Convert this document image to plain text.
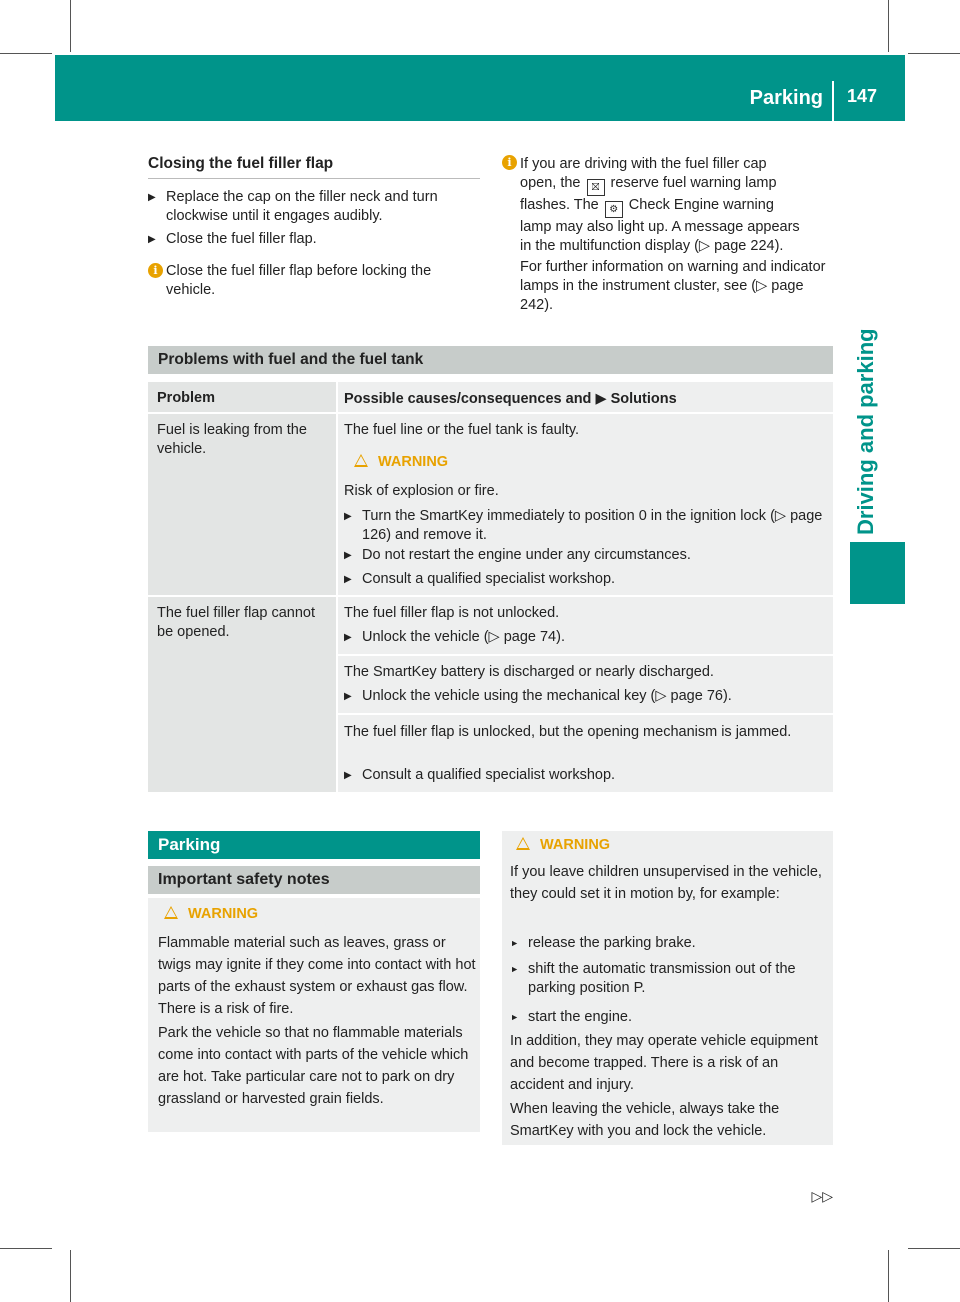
Parking 147
Driving and parking
Closing the fuel filler flap
▶ Replace the cap on the filler neck and turn clockwise until it engages audibly.
▶ Close the fuel filler flap.
i Close the fuel filler flap before locking the vehicle.
i If you are driving with the fuel filler cap
open, the ⛝ reserve fuel warning lamp
flashes. The ⚙ Check Engine warning
lamp may also light up. A message appears
in the multifunction display (▷ page 224).
For further information on warning and indicator lamps in the instrument cluster, see (▷ page 242).
Problems with fuel and the fuel tank
Problem	Possible causes/consequences and ▶ Solutions
Fuel is leaking from the vehicle.
The fuel line or the fuel tank is faulty.
WARNING
Risk of explosion or fire.
▶ Turn the SmartKey immediately to position 0 in the ignition lock (▷ page 126) and remove it.
▶ Do not restart the engine under any circumstances.
▶ Consult a qualified specialist workshop.
The fuel filler flap cannot be opened.
The fuel filler flap is not unlocked.
▶ Unlock the vehicle (▷ page 74).
The SmartKey battery is discharged or nearly discharged.
▶ Unlock the vehicle using the mechanical key (▷ page 76).
The fuel filler flap is unlocked, but the opening mechanism is jammed.
▶ Consult a qualified specialist workshop.
Parking
Important safety notes
WARNING
Flammable material such as leaves, grass or twigs may ignite if they come into contact with hot parts of the exhaust system or exhaust gas flow. There is a risk of fire.
Park the vehicle so that no flammable materials come into contact with parts of the vehicle which are hot. Take particular care not to park on dry grassland or harvested grain fields.
WARNING
If you leave children unsupervised in the vehicle, they could set it in motion by, for example:
▲ release the parking brake.
▲ shift the automatic transmission out of the parking position P.
▲ start the engine.
In addition, they may operate vehicle equipment and become trapped. There is a risk of an accident and injury.
When leaving the vehicle, always take the SmartKey with you and lock the vehicle.
▷▷
